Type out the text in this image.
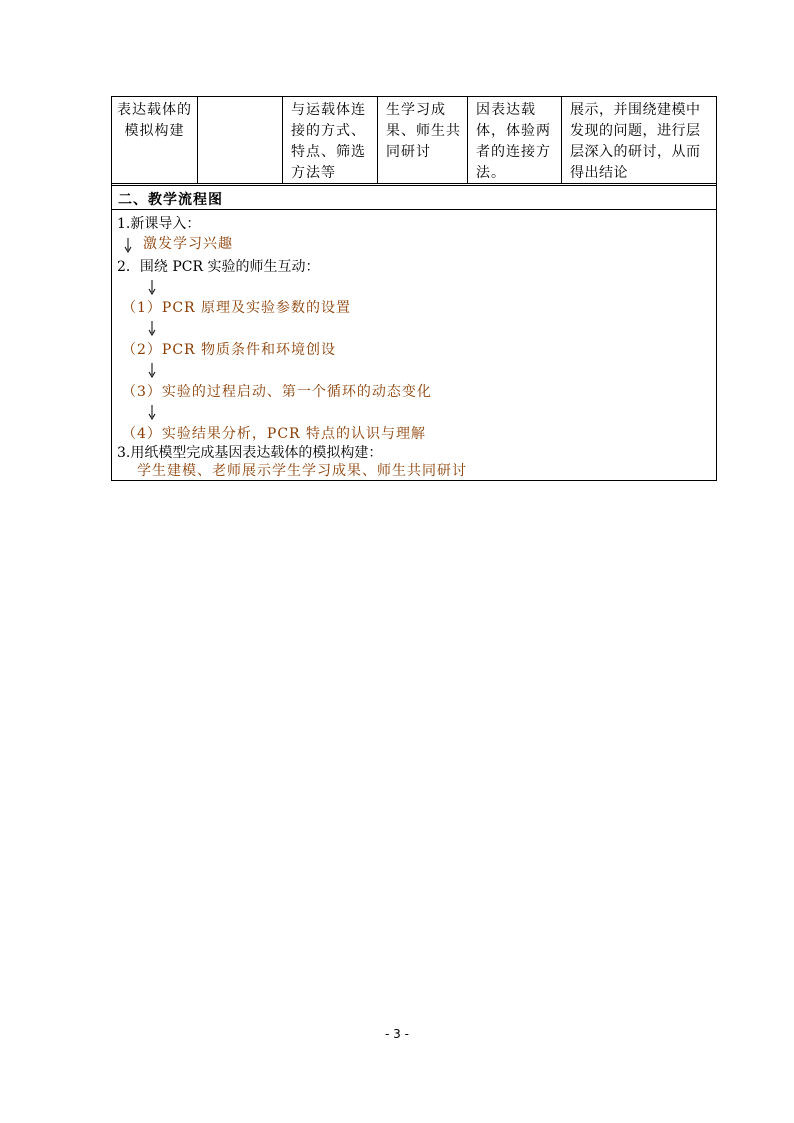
表达载体的模拟构建
与运载体连接的方式、特点、筛选方法等
生学习成果、师生共同研讨
因表达载体，体验两者的连接方法。
展示，并围绕建模中发现的问题，进行层层深入的研讨，从而得出结论
二、教学流程图
1.新课导入：
激发学习兴趣
2．围绕 PCR 实验的师生互动：
（1）PCR 原理及实验参数的设置
（2）PCR 物质条件和环境创设
（3）实验的过程启动、第一个循环的动态变化
（4）实验结果分析，PCR 特点的认识与理解
3.用纸模型完成基因表达载体的模拟构建：
学生建模、老师展示学生学习成果、师生共同研讨
- 3 -
